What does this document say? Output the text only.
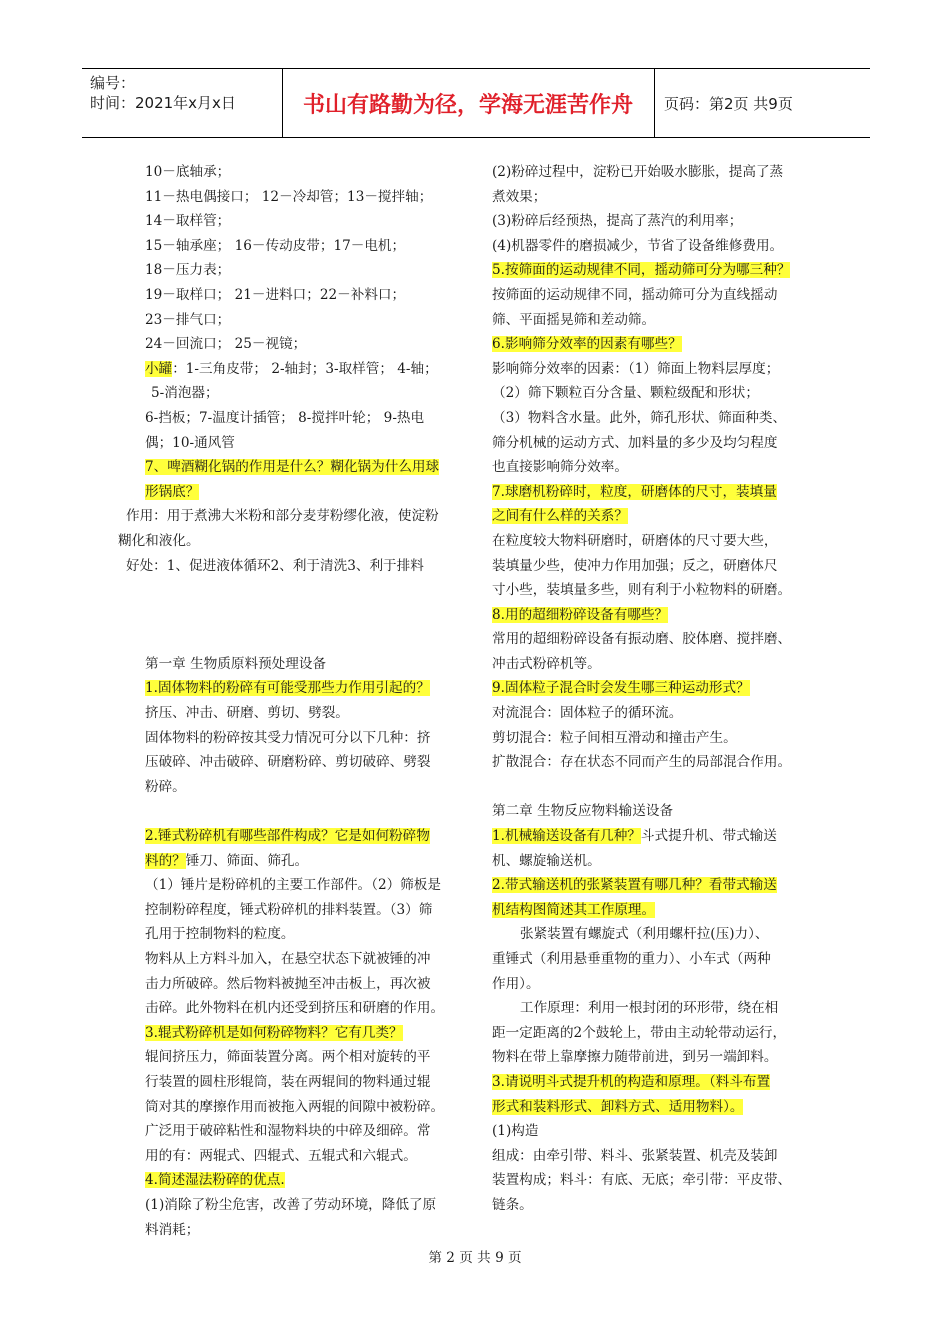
编号：
时间：2021年x月x日	书山有路勤为径，学海无涯苦作舟	页码：第2页 共9页

10－底轴承；

11－热电偶接口； 12－冷却管；13－搅拌轴；

14－取样管；

15－轴承座； 16－传动皮带；17－电机；

18－压力表；

19－取样口； 21－进料口；22－补料口；

23－排气口；

24－回流口； 25－视镜；

小罐：1-三角皮带； 2-轴封；3-取样管； 4-轴；

5-消泡器；

6-挡板；7-温度计插管； 8-搅拌叶轮； 9-热电

偶；10-通风管

7、啤酒糊化锅的作用是什么？糊化锅为什么用球

形锅底？

作用：用于煮沸大米粉和部分麦芽粉缪化液，使淀粉

糊化和液化。

好处：1、促进液体循环2、利于清洗3、利于排料

第一章 生物质原料预处理设备

1.固体物料的粉碎有可能受那些力作用引起的？

挤压、冲击、研磨、剪切、劈裂。

固体物料的粉碎按其受力情况可分以下几种：挤

压破碎、冲击破碎、研磨粉碎、剪切破碎、劈裂

粉碎。

2.锤式粉碎机有哪些部件构成？它是如何粉碎物

料的？锤刀、筛面、筛孔。

（1）锤片是粉碎机的主要工作部件。（2）筛板是

控制粉碎程度，锤式粉碎机的排料装置。（3）筛

孔用于控制物料的粒度。

物料从上方料斗加入，在悬空状态下就被锤的冲

击力所破碎。然后物料被抛至冲击板上，再次被

击碎。此外物料在机内还受到挤压和研磨的作用。

3.辊式粉碎机是如何粉碎物料？它有几类？

辊间挤压力，筛面装置分离。两个相对旋转的平

行装置的圆柱形辊筒，装在两辊间的物料通过辊

筒对其的摩擦作用而被拖入两辊的间隙中被粉碎。

广泛用于破碎粘性和湿物料块的中碎及细碎。常

用的有：两辊式、四辊式、五辊式和六辊式。

4.简述湿法粉碎的优点.

(1)消除了粉尘危害，改善了劳动环境，降低了原

料消耗；

(2)粉碎过程中，淀粉已开始吸水膨胀，提高了蒸

煮效果；

(3)粉碎后经预热，提高了蒸汽的利用率；

(4)机器零件的磨损减少，节省了设备维修费用。

5.按筛面的运动规律不同，摇动筛可分为哪三种？

按筛面的运动规律不同，摇动筛可分为直线摇动

筛、平面摇晃筛和差动筛。

6.影响筛分效率的因素有哪些？

影响筛分效率的因素：（1）筛面上物料层厚度；

（2）筛下颗粒百分含量、颗粒级配和形状；

（3）物料含水量。此外，筛孔形状、筛面种类、

筛分机械的运动方式、加料量的多少及均匀程度

也直接影响筛分效率。

7.球磨机粉碎时，粒度，研磨体的尺寸，装填量

之间有什么样的关系？

在粒度较大物料研磨时，研磨体的尺寸要大些，

装填量少些，使冲力作用加强；反之，研磨体尺

寸小些，装填量多些，则有利于小粒物料的研磨。

8.用的超细粉碎设备有哪些？

常用的超细粉碎设备有振动磨、胶体磨、搅拌磨、

冲击式粉碎机等。

9.固体粒子混合时会发生哪三种运动形式？

对流混合：固体粒子的循环流。

剪切混合：粒子间相互滑动和撞击产生。

扩散混合：存在状态不同而产生的局部混合作用。

第二章 生物反应物料输送设备

1.机械输送设备有几种？斗式提升机、带式输送

机、螺旋输送机。

2.带式输送机的张紧装置有哪几种？看带式输送

机结构图简述其工作原理。

张紧装置有螺旋式（利用螺杆拉(压)力）、

重锤式（利用悬垂重物的重力）、小车式（两种

作用）。

工作原理：利用一根封闭的环形带，绕在相

距一定距离的2个鼓轮上，带由主动轮带动运行，

物料在带上靠摩擦力随带前进，到另一端卸料。

3.请说明斗式提升机的构造和原理。（料斗布置

形式和装料形式、卸料方式、适用物料）。

(1)构造

组成：由牵引带、料斗、张紧装置、机壳及装卸

装置构成；料斗：有底、无底；牵引带：平皮带、

链条。

第 2 页 共 9 页
